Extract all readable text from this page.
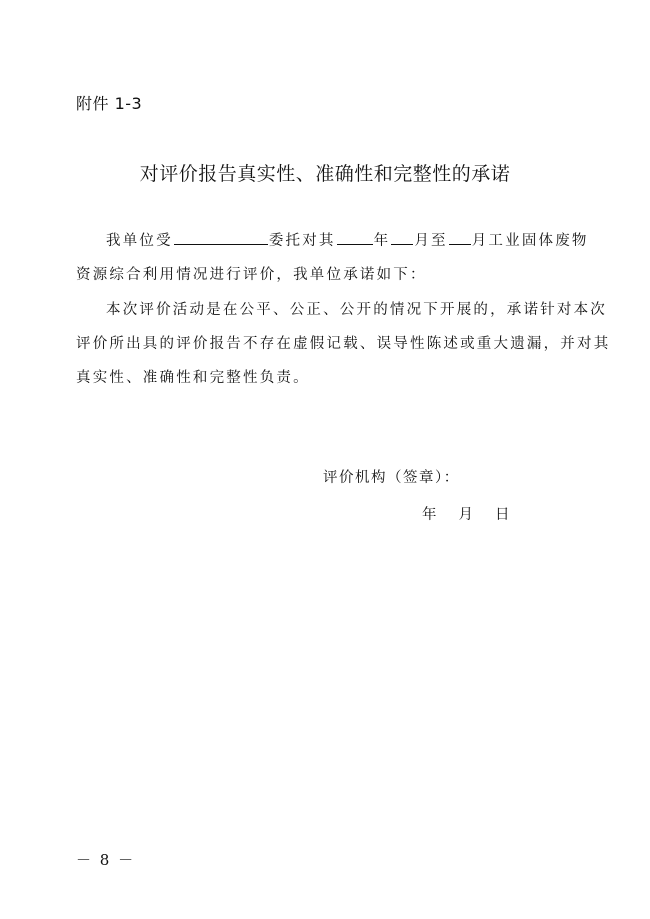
附件 1-3
对评价报告真实性、准确性和完整性的承诺
我单位受	委托对其	年 月至 月工业固体废物
资源综合利用情况进行评价，我单位承诺如下：
本次评价活动是在公平、公正、公开的情况下开展的，承诺针对本次
评价所出具的评价报告不存在虚假记载、误导性陈述或重大遗漏，并对其
真实性、准确性和完整性负责。
评价机构（签章）：
年 月 日
－ 8 －
